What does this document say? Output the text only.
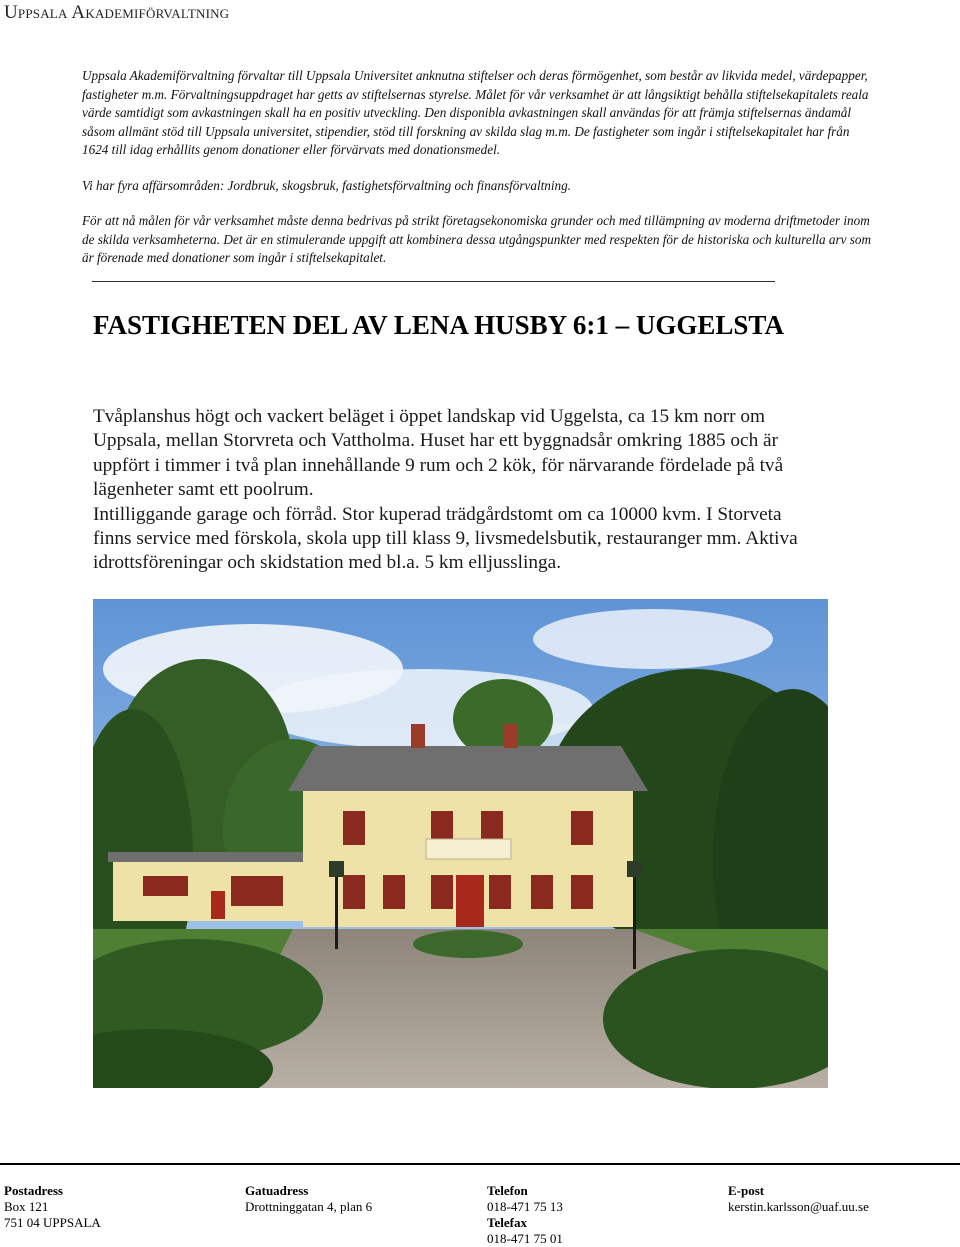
Uppsala Akademiförvaltning

Uppsala Akademiförvaltning förvaltar till Uppsala Universitet anknutna stiftelser och deras förmögenhet, som består av likvida medel, värdepapper, fastigheter m.m. Förvaltningsuppdraget har getts av stiftelsernas styrelse. Målet för vår verksamhet är att långsiktigt behålla stiftelsekapitalets reala värde samtidigt som avkastningen skall ha en positiv utveckling. Den disponibla avkastningen skall användas för att främja stiftelsernas ändamål såsom allmänt stöd till Uppsala universitet, stipendier, stöd till forskning av skilda slag m.m. De fastigheter som ingår i stiftelsekapitalet har från 1624 till idag erhållits genom donationer eller förvärvats med donationsmedel.

Vi har fyra affärsområden: Jordbruk, skogsbruk, fastighetsförvaltning och finansförvaltning.

För att nå målen för vår verksamhet måste denna bedrivas på strikt företagsekonomiska grunder och med tillämpning av moderna driftmetoder inom de skilda verksamheterna. Det är en stimulerande uppgift att kombinera dessa utgångspunkter med respekten för de historiska och kulturella arv som är förenade med donationer som ingår i stiftelsekapitalet.

FASTIGHETEN DEL AV LENA HUSBY 6:1 – UGGELSTA
Tvåplanshus högt och vackert beläget i öppet landskap vid Uggelsta, ca 15 km norr om Uppsala, mellan Storvreta och Vattholma. Huset har ett byggnadsår omkring 1885 och är uppfört i timmer i två plan innehållande 9 rum och 2 kök, för närvarande fördelade på två lägenheter samt ett poolrum.
Intilliggande garage och förråd. Stor kuperad trädgårdstomt om ca 10000 kvm. I Storveta finns service med förskola, skola upp till klass 9, livsmedelsbutik, restauranger mm. Aktiva idrottsföreningar och skidstation med bl.a. 5 km elljusslinga.
Postadress
Box 121
751 04 UPPSALA
Gatuadress
Drottninggatan 4, plan 6
Telefon
018-471 75 13
Telefax
018-471 75 01
E-post
kerstin.karlsson@uaf.uu.se
